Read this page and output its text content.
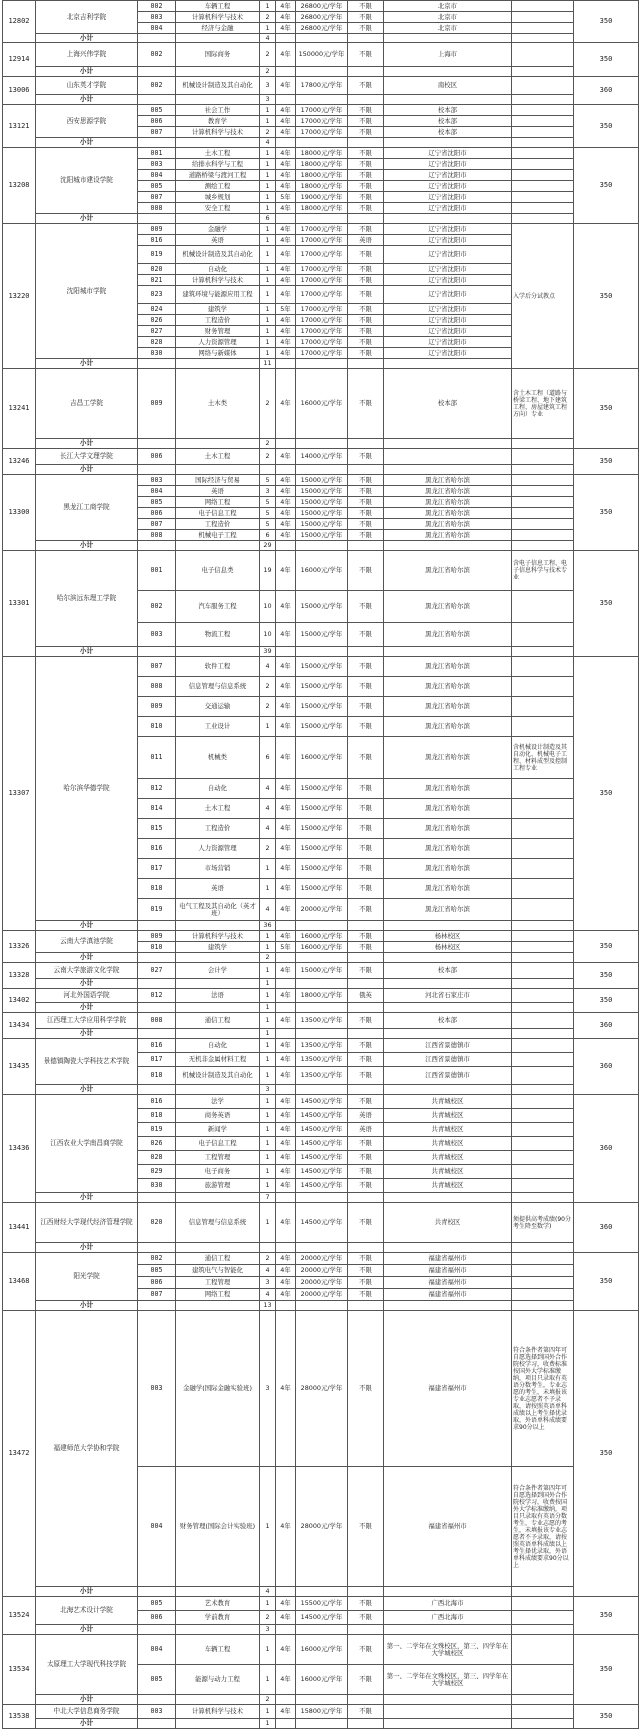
12802	北京吉利学院	002	车辆工程	1	4年	26800元/学年	不限	北京市		350	
		003	计算机科学与技术	2	4年	26800元/学年	不限	北京市			
		004	经济与金融	1	4年	26800元/学年	不限	北京市			
	小计			4							
12914	上海兴伟学院	002	国际商务	2	4年	150000元/学年	不限	上海市		350	
	小计			2							
13006	山东英才学院	002	机械设计制造及其自动化	3	4年	17800元/学年	不限	南校区		360	
	小计			3							
13121	西安思源学院	005	社会工作	1	4年	17000元/学年	不限	校本部		350	
		006	教育学	1	4年	17000元/学年	不限	校本部			
		007	计算机科学与技术	2	4年	17000元/学年	不限	校本部			
	小计			4							
13208	沈阳城市建设学院	001	土木工程	1	4年	18000元/学年	不限	辽宁省沈阳市		350	
		003	给排水科学与工程	1	4年	18000元/学年	不限	辽宁省沈阳市			
		004	道路桥梁与渡河工程	1	4年	18000元/学年	不限	辽宁省沈阳市			
		005	测绘工程	1	4年	18000元/学年	不限	辽宁省沈阳市			
		007	城乡规划	1	5年	19000元/学年	不限	辽宁省沈阳市			
		008	安全工程	1	4年	18000元/学年	不限	辽宁省沈阳市			
	小计			6							
13220	沈阳城市学院	009	金融学	1	4年	17000元/学年	不限	辽宁省沈阳市	入学后分试教点	350	
		016	英语	1	4年	17000元/学年	英语	辽宁省沈阳市			
		019	机械设计制造及其自动化	1	4年	17000元/学年	不限	辽宁省沈阳市			
		020	自动化	1	4年	17000元/学年	不限	辽宁省沈阳市			
		021	计算机科学与技术	1	4年	17000元/学年	不限	辽宁省沈阳市			
		023	建筑环境与能源应用工程	1	4年	17000元/学年	不限	辽宁省沈阳市			
		024	建筑学	1	5年	17000元/学年	不限	辽宁省沈阳市			
		026	工程造价	1	4年	17000元/学年	不限	辽宁省沈阳市			
		027	财务管理	1	4年	17000元/学年	不限	辽宁省沈阳市			
		028	人力资源管理	1	4年	17000元/学年	不限	辽宁省沈阳市			
		030	网络与新媒体	1	4年	17000元/学年	不限	辽宁省沈阳市			
	小计			11							
13241	吉昌工学院	009	土木类	2	4年	16000元/学年	不限	校本部	含土木工程（道路与桥梁工程、地下建筑工程、房屋建筑工程方向）专业	350	
	小计			2							
13246	长江大学文理学院	006	土木工程	2	4年	14000元/学年	不限			350	
	小计										
13300	黑龙江工商学院	003	国际经济与贸易	5	4年	15000元/学年	不限	黑龙江省哈尔滨		350	
		004	英语	3	4年	15000元/学年	不限	黑龙江省哈尔滨			
		005	网络工程	5	4年	15000元/学年	不限	黑龙江省哈尔滨			
		006	电子信息工程	5	4年	15000元/学年	不限	黑龙江省哈尔滨			
		007	工程造价	5	4年	15000元/学年	不限	黑龙江省哈尔滨			
		008	机械电子工程	6	4年	15000元/学年	不限	黑龙江省哈尔滨			
	小计			29							
13301	哈尔滨远东理工学院	001	电子信息类	19	4年	16000元/学年	不限	黑龙江省哈尔滨	含电子信息工程、电子信息科学与技术专业	350	
		002	汽车服务工程	10	4年	15000元/学年	不限	黑龙江省哈尔滨			
		003	物流工程	10	4年	15000元/学年	不限	黑龙江省哈尔滨			
	小计			39							
13307	哈尔滨华德学院	007	软件工程	4	4年	15000元/学年	不限	黑龙江省哈尔滨		350	
		008	信息管理与信息系统	2	4年	15000元/学年	不限	黑龙江省哈尔滨			
		009	交通运输	2	4年	15000元/学年	不限	黑龙江省哈尔滨			
		010	工业设计	1	4年	15000元/学年	不限	黑龙江省哈尔滨			
		011	机械类	6	4年	16000元/学年	不限	黑龙江省哈尔滨	含机械设计制造及其自动化、机械电子工程、材料成型及控制工程专业		
		012	自动化	4	4年	15000元/学年	不限	黑龙江省哈尔滨			
		014	土木工程	4	4年	15000元/学年	不限	黑龙江省哈尔滨			
		015	工程造价	4	4年	15000元/学年	不限	黑龙江省哈尔滨			
		016	人力资源管理	2	4年	15000元/学年	不限	黑龙江省哈尔滨			
		017	市场营销	1	4年	15000元/学年	不限	黑龙江省哈尔滨			
		018	英语	1	4年	15000元/学年	不限	黑龙江省哈尔滨			
		019	电气工程及其自动化（英才班）	4	4年	20000元/学年	不限	黑龙江省哈尔滨			
	小计			36							
13326	云南大学滇池学院	009	计算机科学与技术	1	4年	16000元/学年	不限	杨林校区		350	
		010	建筑学	1	5年	16000元/学年	不限	杨林校区			
	小计			2							
13328	云南大学旅游文化学院	027	会计学	1	4年	15000元/学年	不限	校本部		350	
	小计			1							
13402	河北外国语学院	012	法语	1	4年	18000元/学年	俄英	河北省石家庄市		350	
	小计			1							
13434	江西理工大学应用科学学院	008	通信工程	1	4年	13500元/学年	不限	校本部		360	
	小计			1							
13435	景德镇陶瓷大学科技艺术学院	016	自动化	1	4年	13500元/学年	不限	江西省景德镇市		360	
		017	无机非金属材料工程	1	4年	13500元/学年	不限	江西省景德镇市			
		018	机械设计制造及其自动化	1	4年	13500元/学年	不限	江西省景德镇市			
	小计			3							
13436	江西农业大学南昌商学院	016	法学	1	4年	14500元/学年	不限	共青城校区		360	
		018	商务英语	1	4年	14500元/学年	英语	共青城校区			
		019	新闻学	1	4年	14500元/学年	英语	共青城校区			
		026	电子信息工程	1	4年	14500元/学年	不限	共青城校区			
		028	工程管理	1	4年	14500元/学年	不限	共青城校区			
		029	电子商务	1	4年	14500元/学年	不限	共青城校区			
		030	旅游管理	1	4年	14500元/学年	不限	共青城校区			
	小计			7							
13441	江西财经大学现代经济管理学院	020	信息管理与信息系统	1	4年	14500元/学年	不限	共青校区	须提供高考成绩(90分考生降至数学)	360	
	小计										
13468	阳光学院	002	通信工程	2	4年	20000元/学年	不限	福建省福州市		350	
		005	建筑电气与智能化	4	4年	20000元/学年	不限	福建省福州市			
		006	工程管理	3	4年	20000元/学年	不限	福建省福州市			
		007	网络工程	4	4年	20000元/学年	不限	福建省福州市			
	小计			13							
13472	福建师范大学协和学院	003	金融学(国际金融实验班)	3	4年	28000元/学年	不限	福建省福州市	符合条件者第四年可自愿选择到国外合作院校学习，收费标准按国外大学标准缴纳，项目只录取有英语分数考生，专业志愿的考生，未填报该专业志愿者不予录取，请按照英语单科成绩以上考生择优录取，外语单科成绩要求90分以上	350	
		004	财务管理(国际会计实验班)	1	4年	28000元/学年	不限	福建省福州市	符合条件者第四年可自愿选择到国外合作院校学习，收费按国外大学标准缴纳，项目只录取有英语分数考生，专业志愿的考生，未填报该专业志愿者不予录取，请按照英语单科成绩以上考生择优录取，外语单科成绩要求90分以上		
	小计			4							
13524	北海艺术设计学院	005	艺术教育	1	4年	15500元/学年	不限	广西北海市		350	
		006	学前教育	2	4年	14500元/学年	不限	广西北海市			
	小计			3							
13534	太原理工大学现代科技学院	004	车辆工程	1	4年	16000元/学年	不限	第一、二学年在文殊校区，第三、四学年在大学城校区		350	
		005	能源与动力工程	1	4年	16000元/学年	不限	第一、二学年在文殊校区，第三、四学年在大学城校区			
	小计			2							
13538	中北大学信息商务学院	003	计算机科学与技术	1	4年	15800元/学年	不限			350	
	小计			1							
